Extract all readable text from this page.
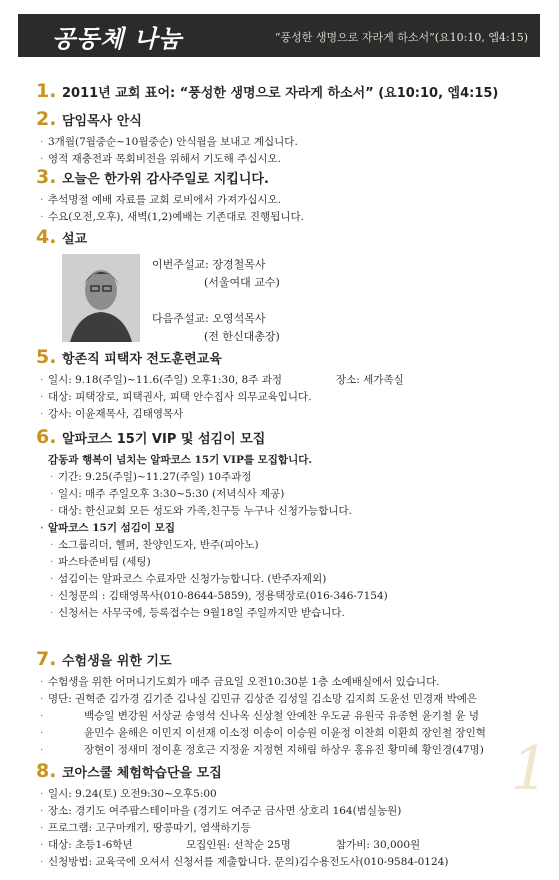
공동체 나눔	“풍성한 생명으로 자라게 하소서”(요10:10, 엡4:15)
1. 2011년 교회 표어: “풍성한 생명으로 자라게 하소서” (요10:10, 엡4:15)
2. 담임목사 안식
· 3개월(7월중순~10월중순) 안식월을 보내고 계십니다.
· 영적 재충전과 목회비전을 위해서 기도해 주십시오.
3. 오늘은 한가위 감사주일로 지킵니다.
· 추석명절 예배 자료를 교회 로비에서 가져가십시오.
· 수요(오전,오후), 새벽(1,2)예배는 기존대로 진행됩니다.
4. 설교
이번주설교: 장경철목사
(서울여대 교수)
다음주설교: 오영석목사
(전 한신대총장)
5. 항존직 피택자 전도훈련교육
· 일시: 9.18(주일)~11.6(주일) 오후1:30, 8주 과정	장소: 세가족실
· 대상: 피택장로, 피택권사, 피택 안수집사 의무교육입니다.
· 강사: 이윤재목사, 김태영목사
6. 알파코스 15기 VIP 및 섬김이 모집
감동과 행복이 넘치는 알파코스 15기 VIP를 모집합니다.
· 기간: 9.25(주일)~11.27(주일) 10주과정
· 일시: 매주 주일오후 3:30~5:30 (저녁식사 제공)
· 대상: 한신교회 모든 성도와 가족,친구등 누구나 신청가능합니다.
· 알파코스 15기 섬김이 모집
· 소그룹리더, 헬퍼, 찬양인도자, 반주(피아노)
· 파스타준비팀 (세팅)
· 섬김이는 알파코스 수료자만 신청가능합니다. (반주자제외)
· 신청문의 : 김태영목사(010-8644-5859), 정용택장로(016-346-7154)
· 신청서는 사무국에, 등록접수는 9월18일 주일까지만 받습니다.
7. 수험생을 위한 기도
· 수험생을 위한 어머니기도회가 매주 금요일 오전10:30분 1층 소예배실에서 있습니다.
· 명단: 권혁준 김가경 김기준 김나실 김민규 김상준 김성일 김소망 김지희 도윤선 민경재 박예은
· 백승일 변강원 서상균 송영석 신나옥 신상철 안예찬 우도균 유원국 유종현 윤기철 윤 녕
· 윤민수 윤해은 이민지 이선재 이소정 이송이 이승원 이윤정 이찬희 이환희 장인철 장인혁
· 장현이 정새미 정이훈 정호근 지정윤 지정현 지해림 하상우 홍유진 황미혜 황인경(47명)
8. 코아스쿨 체험학습단을 모집
· 일시: 9.24(토) 오전9:30~오후5:00
· 장소: 경기도 여주팜스테이마을 (경기도 여주군 금사면 상호리 164(범실농원)
· 프로그램: 고구마캐기, 땅콩따기, 염색하기등
· 대상: 초등1-6학년	모집인원: 선착순 25명	참가비: 30,000원
· 신청방법: 교육국에 오셔서 신청서를 제출합니다. 문의)김수용전도사(010-9584-0124)
1
